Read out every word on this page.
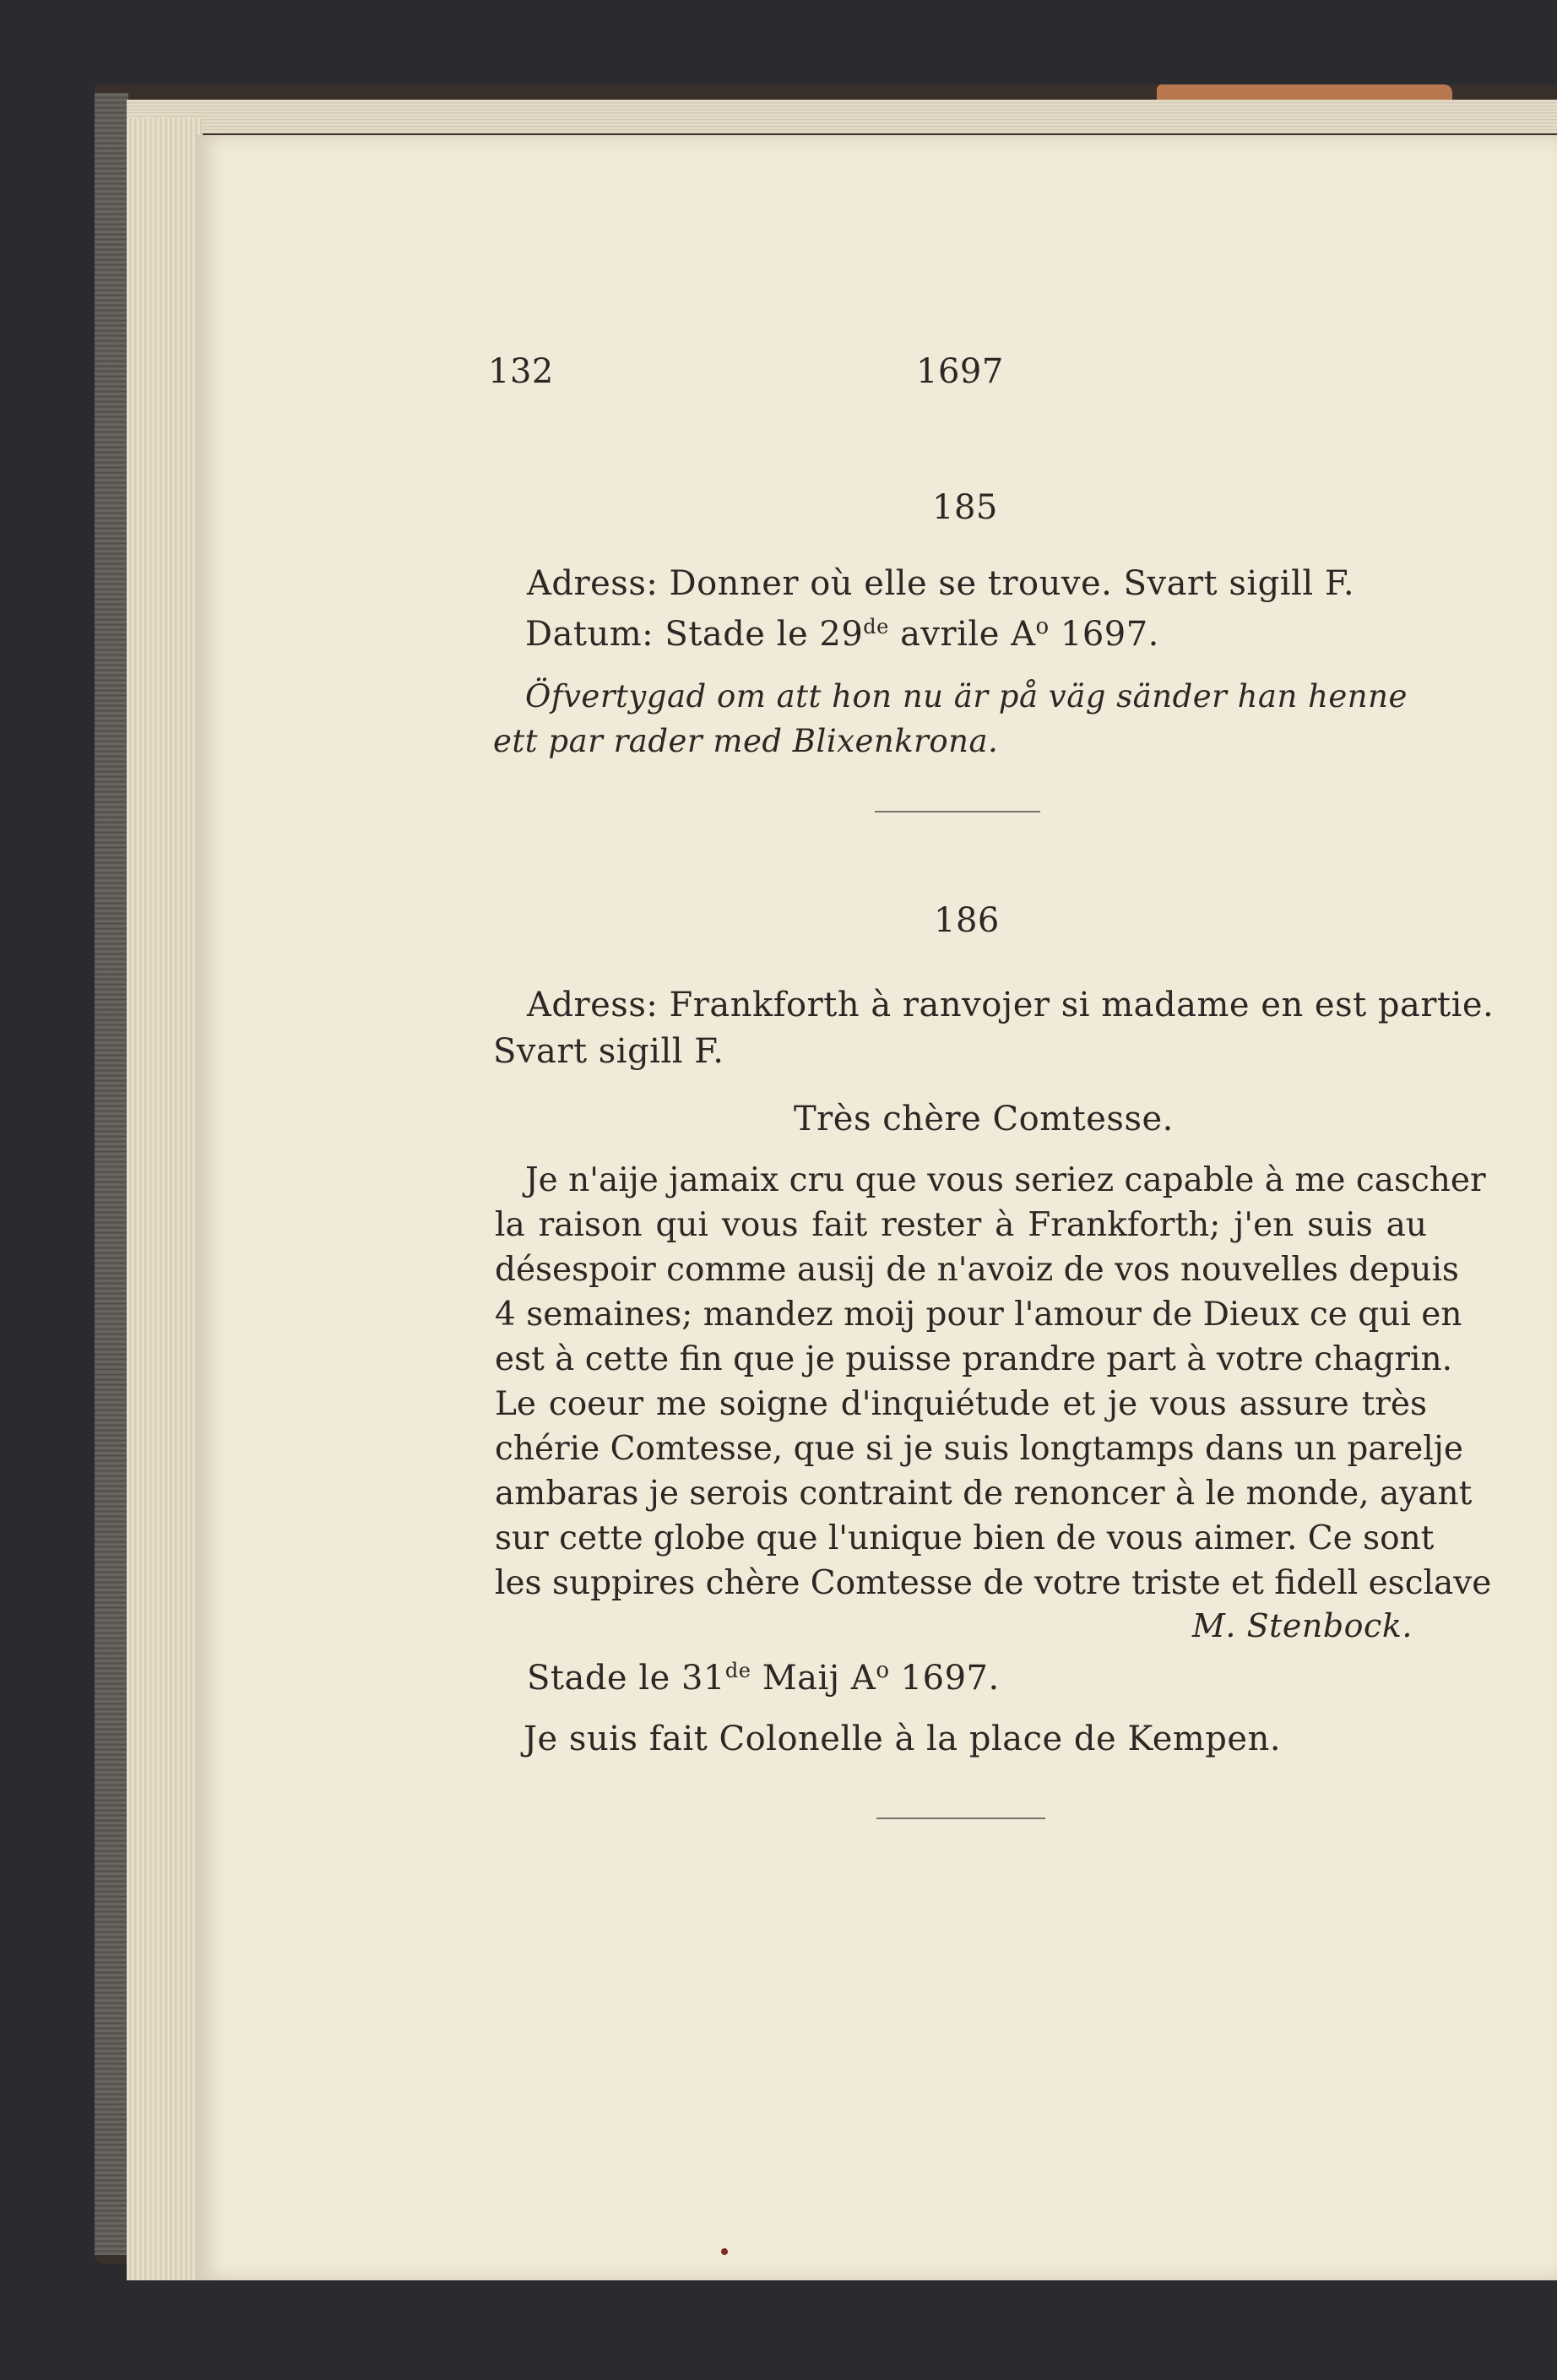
132	1697
185
Adress: Donner où elle se trouve. Svart sigill F.
Datum: Stade le 29de avrile $A^o$ 1697.
Öfvertygad om att hon nu är på väg sänder han henne
ett par rader med Blixenkrona.
186
Adress: Frankforth à ranvojer si madame en est partie.
Svart sigill F.
Très chère Comtesse.
Je n'aije jamaix cru que vous seriez capable à me cascher
la raison qui vous fait rester à Frankforth; j'en suis au
désespoir comme ausij de n'avoiz de vos nouvelles depuis
4 semaines; mandez moij pour l'amour de Dieux ce qui en
est à cette fin que je puisse prandre part à votre chagrin.
Le coeur me soigne d'inquiétude et je vous assure très
chérie Comtesse, que si je suis longtamps dans un parelje
ambaras je serois contraint de renoncer à le monde, ayant
sur cette globe que l'unique bien de vous aimer. Ce sont
les suppires chère Comtesse de votre triste et fidell esclave
M. Stenbock.
Stade le 31de Maij $A^o$ 1697.
Je suis fait Colonelle à la place de Kempen.
